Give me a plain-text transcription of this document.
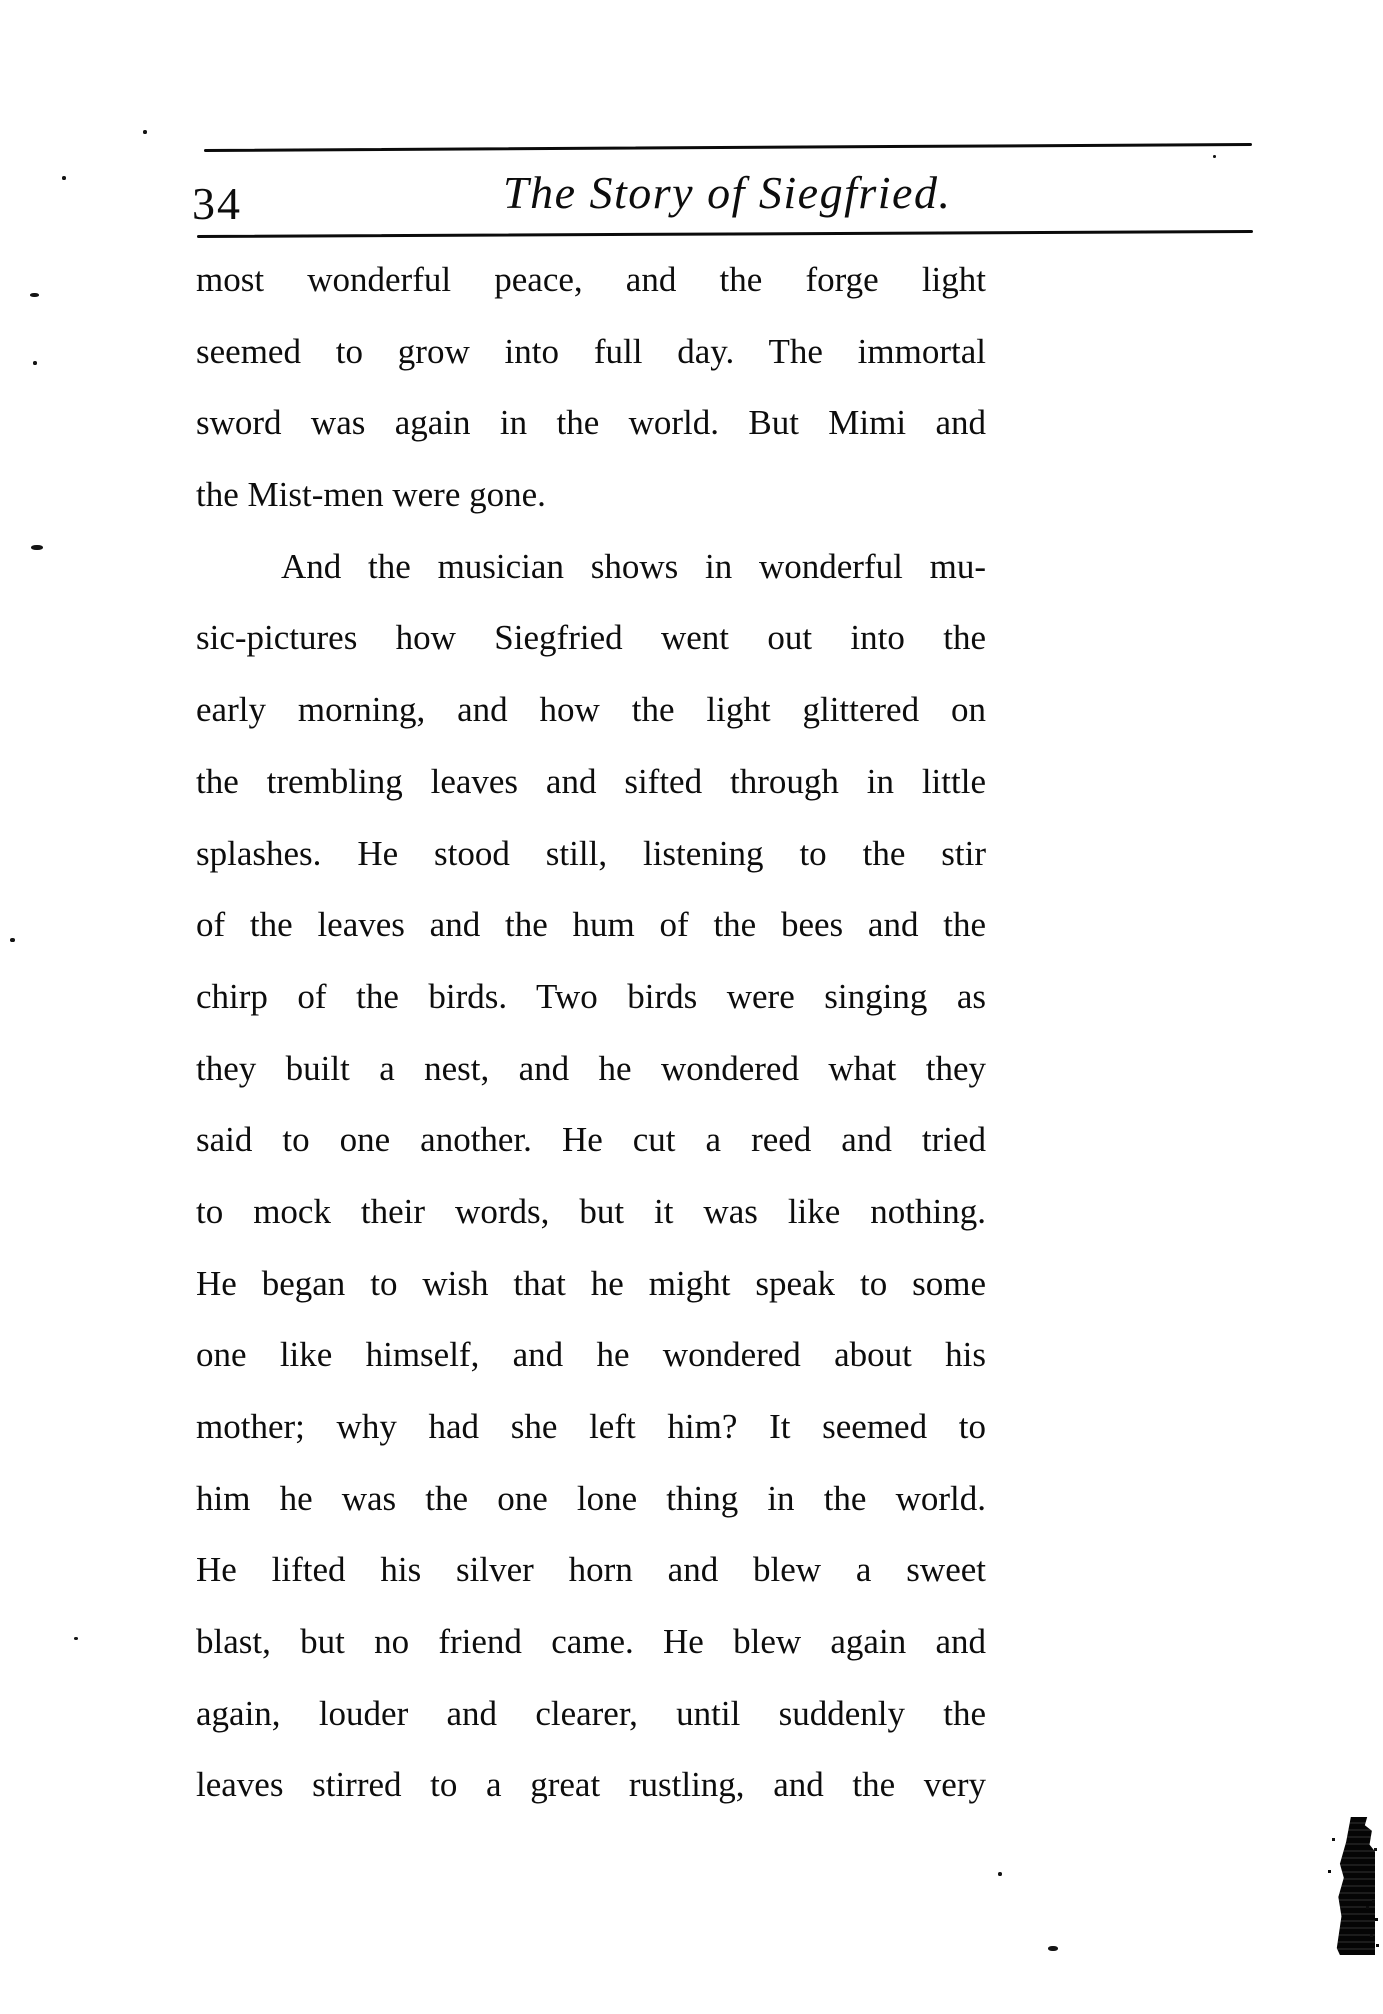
34	The Story of Siegfried.
most wonderful peace, and the forge light
seemed to grow into full day. The immortal
sword was again in the world. But Mimi and
the Mist-men were gone.
And the musician shows in wonderful mu-
sic-pictures how Siegfried went out into the
early morning, and how the light glittered on
the trembling leaves and sifted through in little
splashes. He stood still, listening to the stir
of the leaves and the hum of the bees and the
chirp of the birds. Two birds were singing as
they built a nest, and he wondered what they
said to one another. He cut a reed and tried
to mock their words, but it was like nothing.
He began to wish that he might speak to some
one like himself, and he wondered about his
mother; why had she left him? It seemed to
him he was the one lone thing in the world.
He lifted his silver horn and blew a sweet
blast, but no friend came. He blew again and
again, louder and clearer, until suddenly the
leaves stirred to a great rustling, and the very
